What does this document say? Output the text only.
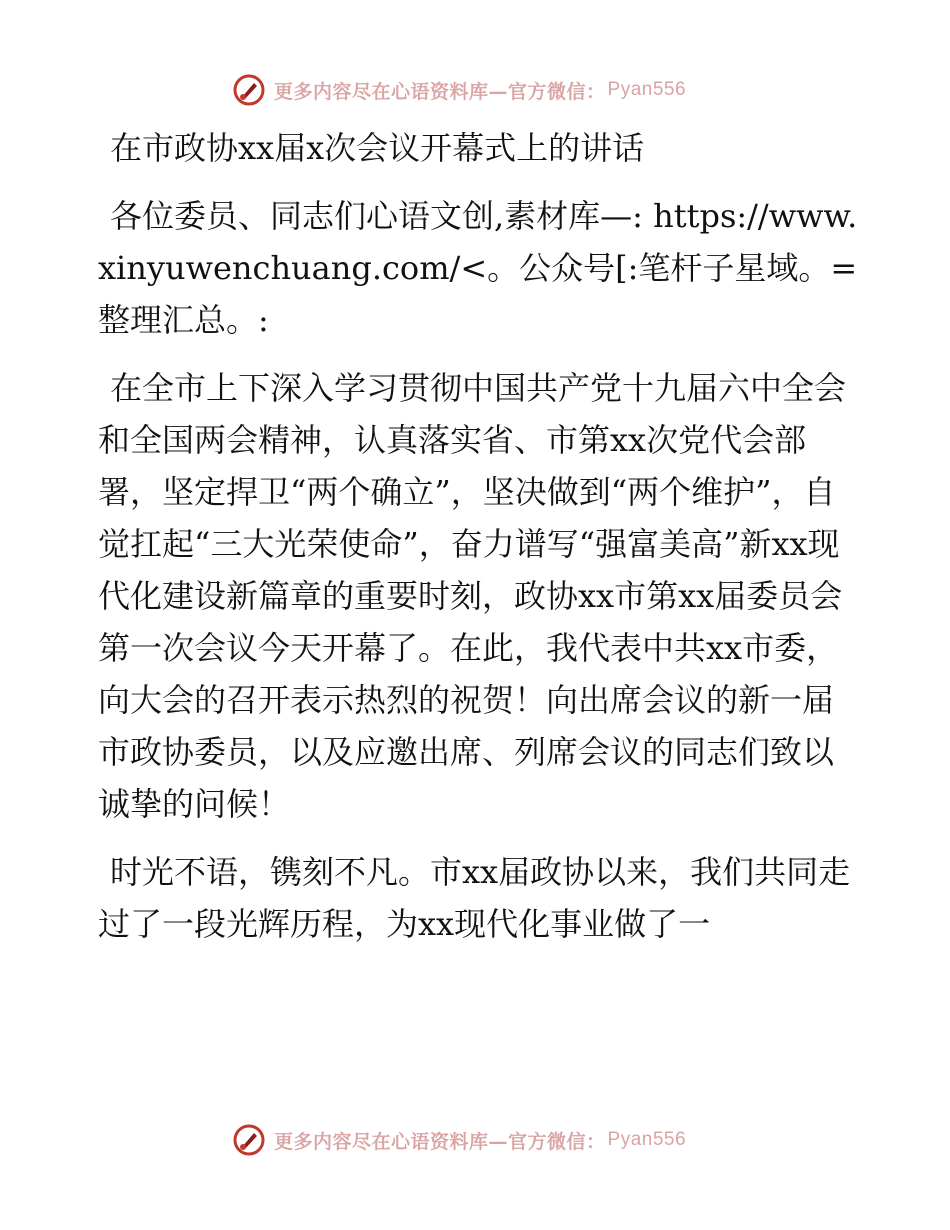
更多内容尽在心语资料库—官方微信： Pyan556
在市政协xx届x次会议开幕式上的讲话

各位委员、同志们心语文创,素材库—: https://www.xinyuwenchuang.com/<。公众号[:笔杆子星域。=整理汇总。:

在全市上下深入学习贯彻中国共产党十九届六中全会和全国两会精神，认真落实省、市第xx次党代会部署，坚定捍卫“两个确立”，坚决做到“两个维护”，自觉扛起“三大光荣使命”，奋力谱写“强富美高”新xx现代化建设新篇章的重要时刻，政协xx市第xx届委员会第一次会议今天开幕了。在此，我代表中共xx市委，向大会的召开表示热烈的祝贺！向出席会议的新一届市政协委员，以及应邀出席、列席会议的同志们致以诚挚的问候！

时光不语，镌刻不凡。市xx届政协以来，我们共同走过了一段光辉历程，为xx现代化事业做了一

更多内容尽在心语资料库—官方微信： Pyan556
